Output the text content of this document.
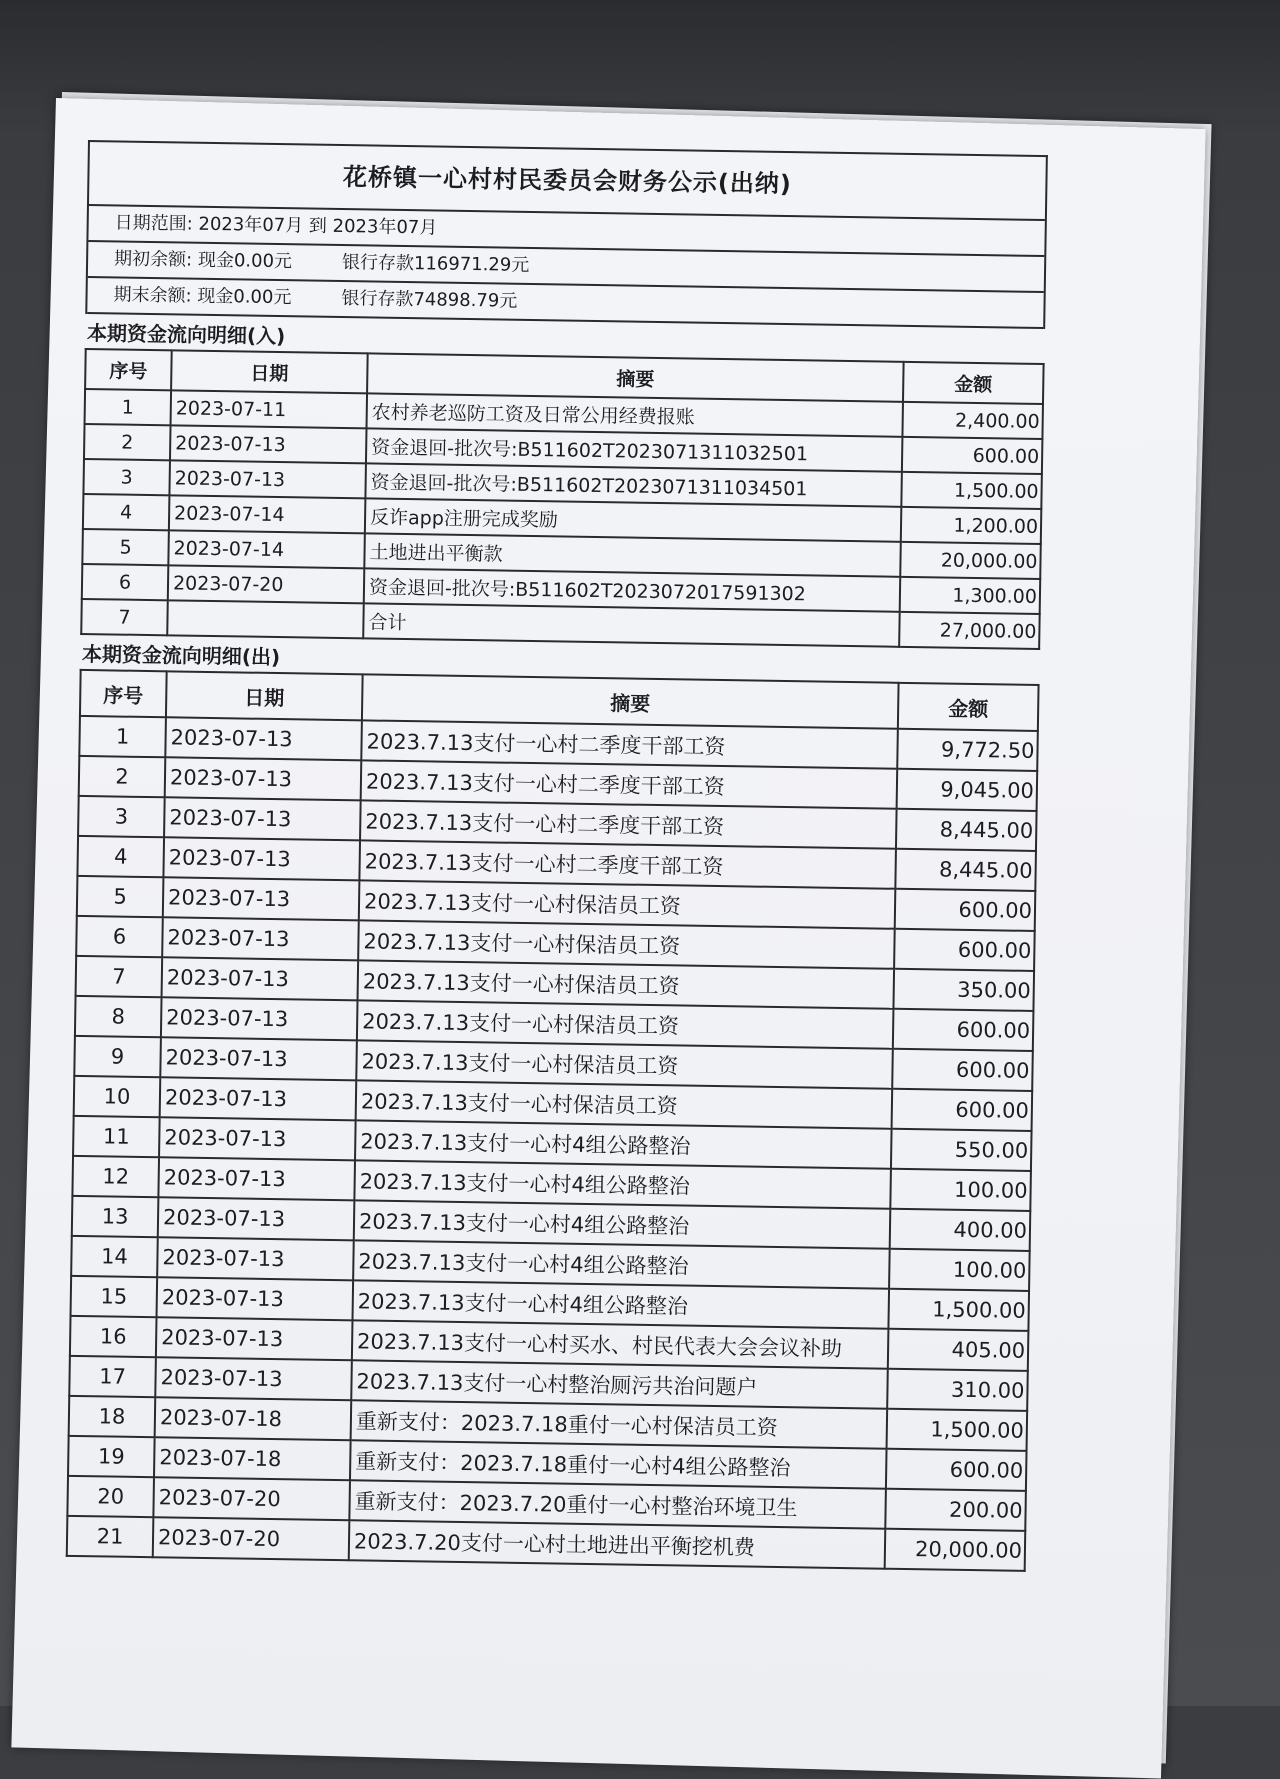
花桥镇一心村村民委员会财务公示(出纳)
日期范围: 2023年07月 到 2023年07月
期初余额: 现金0.00元	银行存款116971.29元
期末余额: 现金0.00元	银行存款74898.79元
本期资金流向明细(入)
序号	日期	摘要	金额
1	2023-07-11	农村养老巡防工资及日常公用经费报账	2,400.00
2	2023-07-13	资金退回-批次号:B511602T202307131103250‌1	600.00
3	2023-07-13	资金退回-批次号:B511602T2023071311034501	1,500.00
4	2023-07-14	反诈app注册完成奖励	1,200.00
5	2023-07-14	土地进出平衡款	20,000.00
6	2023-07-20	资金退回-批次号:B511602T2023072017591302	1,300.00
7		合计	27,000.00
本期资金流向明细(出)
序号	日期	摘要	金额
1	2023-07-13	2023.7.13支付一心村二季度干部工资	9,772.50
2	2023-07-13	2023.7.13支付一心村二季度干部工资	9,045.00
3	2023-07-13	2023.7.13支付一心村二季度干部工资	8,445.00
4	2023-07-13	2023.7.13支付一心村二季度干部工资	8,445.00
5	2023-07-13	2023.7.13支付一心村保洁员工资	600.00
6	2023-07-13	2023.7.13支付一心村保洁员工资	600.00
7	2023-07-13	2023.7.13支付一心村保洁员工资	350.00
8	2023-07-13	2023.7.13支付一心村保洁员工资	600.00
9	2023-07-13	2023.7.13支付一心村保洁员工资	600.00
10	2023-07-13	2023.7.13支付一心村保洁员工资	600.00
11	2023-07-13	2023.7.13支付一心村4组公路整治	550.00
12	2023-07-13	2023.7.13支付一心村4组公路整治	100.00
13	2023-07-13	2023.7.13支付一心村4组公路整治	400.00
14	2023-07-13	2023.7.13支付一心村4组公路整治	100.00
15	2023-07-13	2023.7.13支付一心村4组公路整治	1,500.00
16	2023-07-13	2023.7.13支付一心村买水、村民代表大会会议补助	405.00
17	2023-07-13	2023.7.13支付一心村整治厕污共治问题户	310.00
18	2023-07-18	重新支付：2023.7.18重付一心村保洁员工资	1,500.00
19	2023-07-18	重新支付：2023.7.18重付一心村4组公路整治	600.00
20	2023-07-20	重新支付：2023.7.20重付一心村整治环境卫生	200.00
21	2023-07-20	2023.7.20支付一心村土地进出平衡挖机费	20,000.00
